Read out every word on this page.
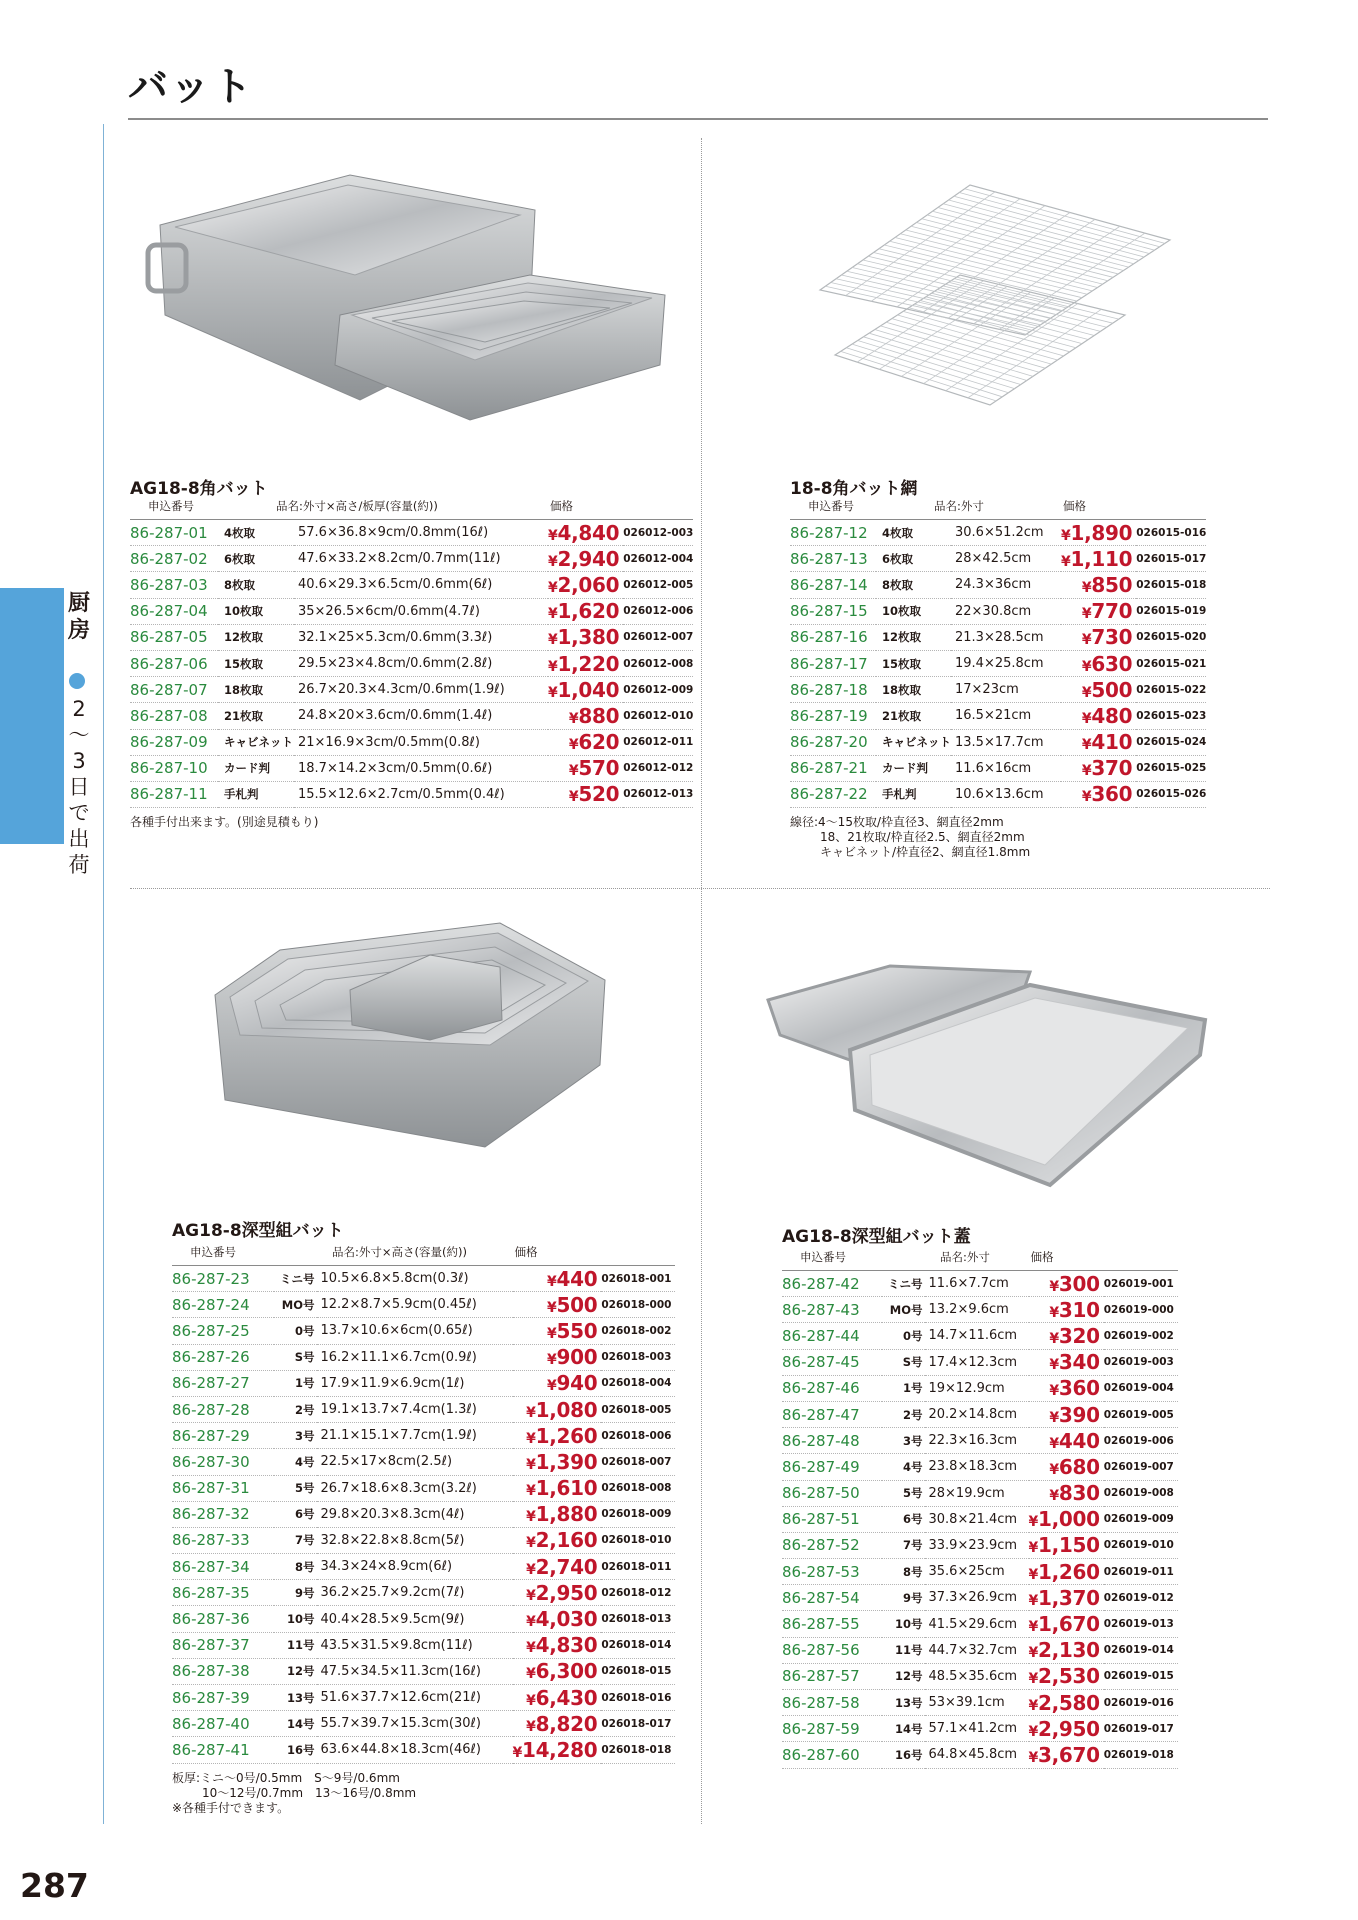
バット
厨
房
2
〜
3
日
で
出
荷
AG18-8角バット
申込番号	品名:外寸×高さ/板厚(容量(約))		価格	
86-287-01	4枚取	57.6×36.8×9cm/0.8mm(16ℓ)	¥4,840	026012-003
86-287-02	6枚取	47.6×33.2×8.2cm/0.7mm(11ℓ)	¥2,940	026012-004
86-287-03	8枚取	40.6×29.3×6.5cm/0.6mm(6ℓ)	¥2,060	026012-005
86-287-04	10枚取	35×26.5×6cm/0.6mm(4.7ℓ)	¥1,620	026012-006
86-287-05	12枚取	32.1×25×5.3cm/0.6mm(3.3ℓ)	¥1,380	026012-007
86-287-06	15枚取	29.5×23×4.8cm/0.6mm(2.8ℓ)	¥1,220	026012-008
86-287-07	18枚取	26.7×20.3×4.3cm/0.6mm(1.9ℓ)	¥1,040	026012-009
86-287-08	21枚取	24.8×20×3.6cm/0.6mm(1.4ℓ)	¥880	026012-010
86-287-09	キャビネット	21×16.9×3cm/0.5mm(0.8ℓ)	¥620	026012-011
86-287-10	カード判	18.7×14.2×3cm/0.5mm(0.6ℓ)	¥570	026012-012
86-287-11	手札判	15.5×12.6×2.7cm/0.5mm(0.4ℓ)	¥520	026012-013
各種手付出来ます。(別途見積もり)
18-8角バット網
申込番号	品名:外寸		価格	
86-287-12	4枚取	30.6×51.2cm	¥1,890	026015-016
86-287-13	6枚取	28×42.5cm	¥1,110	026015-017
86-287-14	8枚取	24.3×36cm	¥850	026015-018
86-287-15	10枚取	22×30.8cm	¥770	026015-019
86-287-16	12枚取	21.3×28.5cm	¥730	026015-020
86-287-17	15枚取	19.4×25.8cm	¥630	026015-021
86-287-18	18枚取	17×23cm	¥500	026015-022
86-287-19	21枚取	16.5×21cm	¥480	026015-023
86-287-20	キャビネット	13.5×17.7cm	¥410	026015-024
86-287-21	カード判	11.6×16cm	¥370	026015-025
86-287-22	手札判	10.6×13.6cm	¥360	026015-026
線径:4〜15枚取/枠直径3、網直径2mm
18、21枚取/枠直径2.5、網直径2mm
キャビネット/枠直径2、網直径1.8mm
AG18-8深型組バット
申込番号	品名:外寸×高さ(容量(約))		価格	
86-287-23	ミニ号	10.5×6.8×5.8cm(0.3ℓ)	¥440	026018-001
86-287-24	MO号	12.2×8.7×5.9cm(0.45ℓ)	¥500	026018-000
86-287-25	0号	13.7×10.6×6cm(0.65ℓ)	¥550	026018-002
86-287-26	S号	16.2×11.1×6.7cm(0.9ℓ)	¥900	026018-003
86-287-27	1号	17.9×11.9×6.9cm(1ℓ)	¥940	026018-004
86-287-28	2号	19.1×13.7×7.4cm(1.3ℓ)	¥1,080	026018-005
86-287-29	3号	21.1×15.1×7.7cm(1.9ℓ)	¥1,260	026018-006
86-287-30	4号	22.5×17×8cm(2.5ℓ)	¥1,390	026018-007
86-287-31	5号	26.7×18.6×8.3cm(3.2ℓ)	¥1,610	026018-008
86-287-32	6号	29.8×20.3×8.3cm(4ℓ)	¥1,880	026018-009
86-287-33	7号	32.8×22.8×8.8cm(5ℓ)	¥2,160	026018-010
86-287-34	8号	34.3×24×8.9cm(6ℓ)	¥2,740	026018-011
86-287-35	9号	36.2×25.7×9.2cm(7ℓ)	¥2,950	026018-012
86-287-36	10号	40.4×28.5×9.5cm(9ℓ)	¥4,030	026018-013
86-287-37	11号	43.5×31.5×9.8cm(11ℓ)	¥4,830	026018-014
86-287-38	12号	47.5×34.5×11.3cm(16ℓ)	¥6,300	026018-015
86-287-39	13号	51.6×37.7×12.6cm(21ℓ)	¥6,430	026018-016
86-287-40	14号	55.7×39.7×15.3cm(30ℓ)	¥8,820	026018-017
86-287-41	16号	63.6×44.8×18.3cm(46ℓ)	¥14,280	026018-018
板厚:ミニ〜0号/0.5mm　S〜9号/0.6mm
10〜12号/0.7mm　13〜16号/0.8mm
※各種手付できます。
AG18-8深型組バット蓋
申込番号	品名:外寸		価格	
86-287-42	ミニ号	11.6×7.7cm	¥300	026019-001
86-287-43	MO号	13.2×9.6cm	¥310	026019-000
86-287-44	0号	14.7×11.6cm	¥320	026019-002
86-287-45	S号	17.4×12.3cm	¥340	026019-003
86-287-46	1号	19×12.9cm	¥360	026019-004
86-287-47	2号	20.2×14.8cm	¥390	026019-005
86-287-48	3号	22.3×16.3cm	¥440	026019-006
86-287-49	4号	23.8×18.3cm	¥680	026019-007
86-287-50	5号	28×19.9cm	¥830	026019-008
86-287-51	6号	30.8×21.4cm	¥1,000	026019-009
86-287-52	7号	33.9×23.9cm	¥1,150	026019-010
86-287-53	8号	35.6×25cm	¥1,260	026019-011
86-287-54	9号	37.3×26.9cm	¥1,370	026019-012
86-287-55	10号	41.5×29.6cm	¥1,670	026019-013
86-287-56	11号	44.7×32.7cm	¥2,130	026019-014
86-287-57	12号	48.5×35.6cm	¥2,530	026019-015
86-287-58	13号	53×39.1cm	¥2,580	026019-016
86-287-59	14号	57.1×41.2cm	¥2,950	026019-017
86-287-60	16号	64.8×45.8cm	¥3,670	026019-018
287
